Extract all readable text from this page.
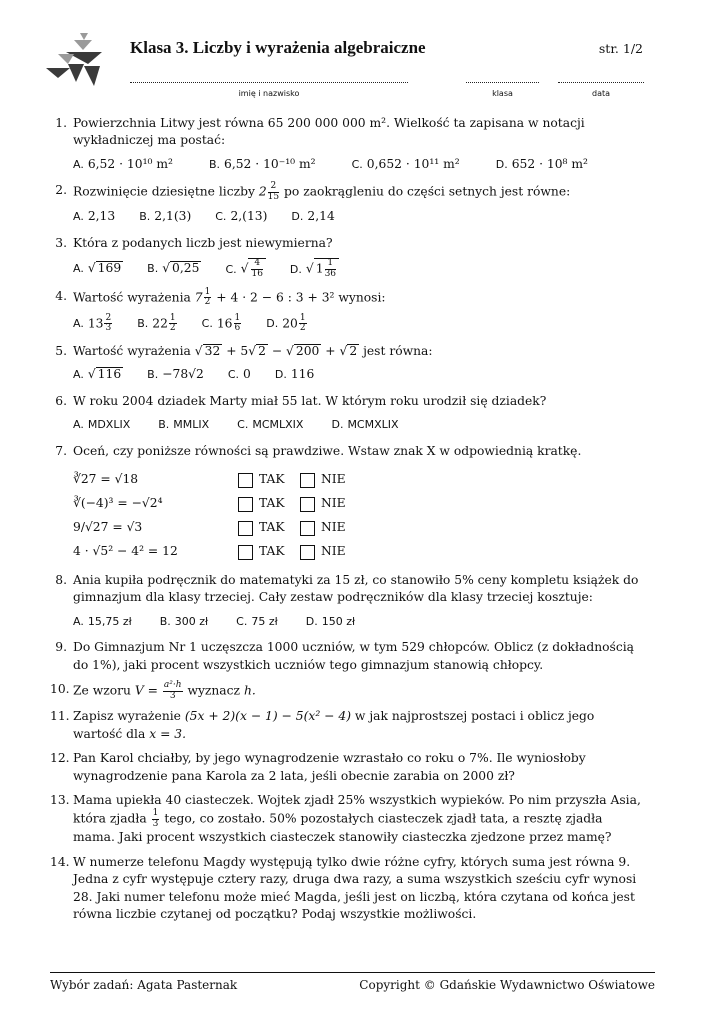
Klasa 3. Liczby i wyrażenia algebraiczne	str. 1/2
imię i nazwisko	klasa	data
1. Powierzchnia Litwy jest równa 65 200 000 000 m². Wielkość ta zapisana w notacji wykładniczej ma postać:
A. 6,52 · 10¹⁰ m²	B. 6,52 · 10⁻¹⁰ m²	C. 0,652 · 10¹¹ m²	D. 652 · 10⁸ m²
2. Rozwinięcie dziesiętne liczby $2 \frac{2}{15}$ po zaokrągleniu do części setnych jest równe:
A. 2,13 B. 2,1(3) C. 2,(13) D. 2,14
3. Która z podanych liczb jest niewymierna?
A. √ 169 B. √ 0,25 C. √ $\frac{4}{16} D$. √ $1 \frac{1}{36}$
4. Wartość wyrażenia $7 \frac{1}{2} + 4 \cdot 2 - 6$ : 3 + 3² wynosi:
A. $13 \frac{2}{3} B$. $22 \frac{1}{2} C$. $16 \frac{1}{6} D$. $20 \frac{1}{2}$
5. Wartość wyrażenia √ 32 + 5√ 2 − √ 200 + √ 2 jest równa:
A. √ 116 B. −78√2 C. 0 D. 116
6. W roku 2004 dziadek Marty miał 55 lat. W którym roku urodził się dziadek?
A. MDXLIX	B. MMLIX	C. MCMLXIX	D. MCMXLIX
7. Oceń, czy poniższe równości są prawdziwe. Wstaw znak X w odpowiednią kratkę.
∛27 = √18	TAK	NIE
∛(−4)³ = −√2⁴	TAK	NIE
9/√27 = √3	TAK	NIE
4 · √5² − 4² = 12	TAK	NIE
8. Ania kupiła podręcznik do matematyki za 15 zł, co stanowiło 5% ceny kompletu książek do gimnazjum dla klasy trzeciej. Cały zestaw podręczników dla klasy trzeciej kosztuje:
A. 15,75 zł	B. 300 zł	C. 75 zł	D. 150 zł
9. Do Gimnazjum Nr 1 uczęszcza 1000 uczniów, w tym 529 chłopców. Oblicz (z dokładnością do 1%), jaki procent wszystkich uczniów tego gimnazjum stanowią chłopcy.
10. Ze wzoru $V = \frac{\text{a²·h}}{3}$ wyznacz h.
11. Zapisz wyrażenie (5x + 2)(x − 1) − 5(x² − 4) w jak najprostszej postaci i oblicz jego wartość dla x = 3.
12. Pan Karol chciałby, by jego wynagrodzenie wzrastało co roku o 7%. Ile wyniosłoby wynagrodzenie pana Karola za 2 lata, jeśli obecnie zarabia on 2000 zł?
13. Mama upiekła 40 ciasteczek. Wojtek zjadł 25% wszystkich wypieków. Po nim przyszła Asia, która zjadła $\frac{1}{3}$ tego, co zostało. 50% pozostałych ciasteczek zjadł tata, a resztę zjadła mama. Jaki procent wszystkich ciasteczek stanowiły ciasteczka zjedzone przez mamę?
14. W numerze telefonu Magdy występują tylko dwie różne cyfry, których suma jest równa 9. Jedna z cyfr występuje cztery razy, druga dwa razy, a suma wszystkich sześciu cyfr wynosi 28. Jaki numer telefonu może mieć Magda, jeśli jest on liczbą, która czytana od końca jest równa liczbie czytanej od początku? Podaj wszystkie możliwości.
Wybór zadań: Agata Pasternak	Copyright © Gdańskie Wydawnictwo Oświatowe
